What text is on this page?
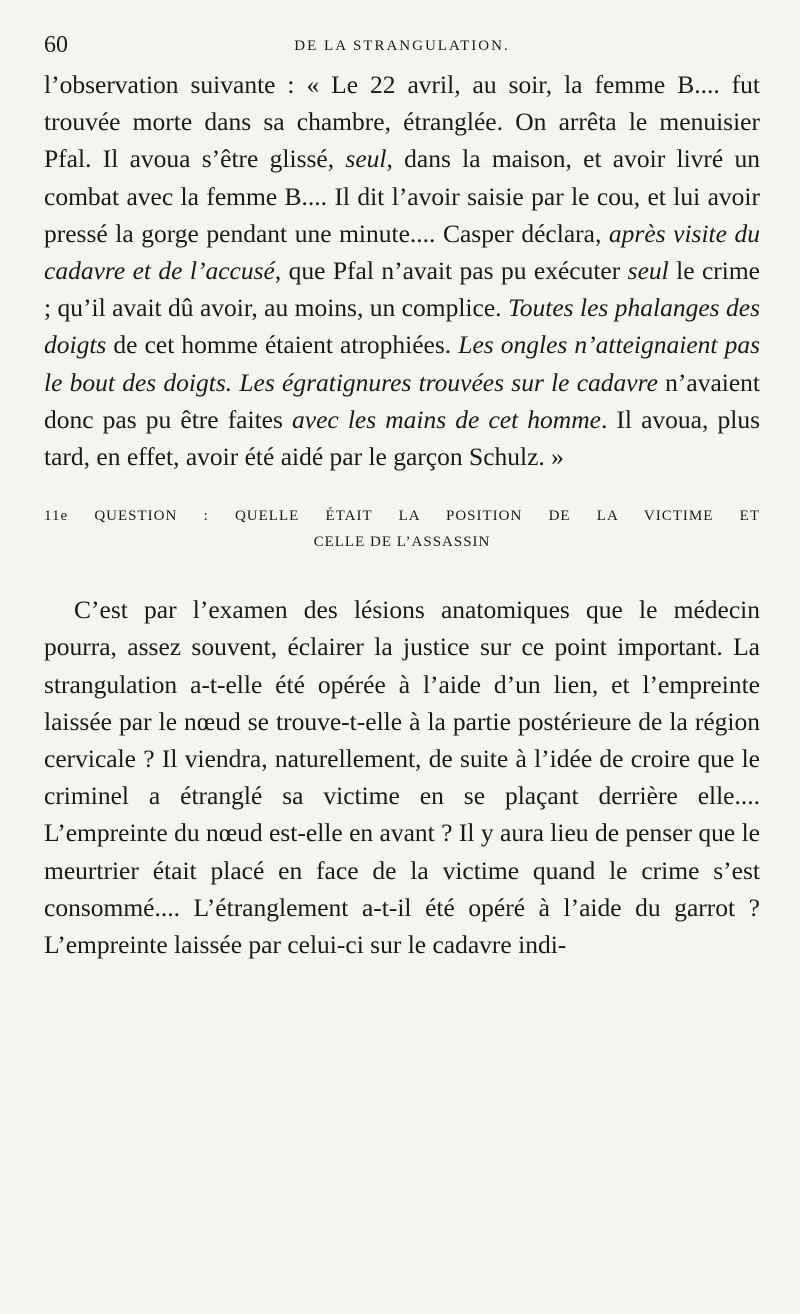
60	DE LA STRANGULATION.

l’observation suivante : « Le 22 avril, au soir, la femme B.... fut trouvée morte dans sa chambre, étranglée. On arrêta le menuisier Pfal. Il avoua s’être glissé, seul, dans la maison, et avoir livré un combat avec la femme B.... Il dit l’avoir saisie par le cou, et lui avoir pressé la gorge pendant une minute.... Casper déclara, après visite du cadavre et de l’accusé, que Pfal n’avait pas pu exécuter seul le crime ; qu’il avait dû avoir, au moins, un complice. Toutes les phalanges des doigts de cet homme étaient atrophiées. Les ongles n’atteignaient pas le bout des doigts. Les égratignures trouvées sur le cadavre n’avaient donc pas pu être faites avec les mains de cet homme. Il avoua, plus tard, en effet, avoir été aidé par le garçon Schulz. »

11e QUESTION : QUELLE ÉTAIT LA POSITION DE LA VICTIME ET
CELLE DE L’ASSASSIN

C’est par l’examen des lésions anatomiques que le médecin pourra, assez souvent, éclairer la justice sur ce point important. La strangulation a-t-elle été opérée à l’aide d’un lien, et l’empreinte laissée par le nœud se trouve-t-elle à la partie postérieure de la région cervicale ? Il viendra, naturellement, de suite à l’idée de croire que le criminel a étranglé sa victime en se plaçant derrière elle.... L’empreinte du nœud est-elle en avant ? Il y aura lieu de penser que le meurtrier était placé en face de la victime quand le crime s’est consommé.... L’étranglement a-t-il été opéré à l’aide du garrot ? L’empreinte laissée par celui-ci sur le cadavre indi-
